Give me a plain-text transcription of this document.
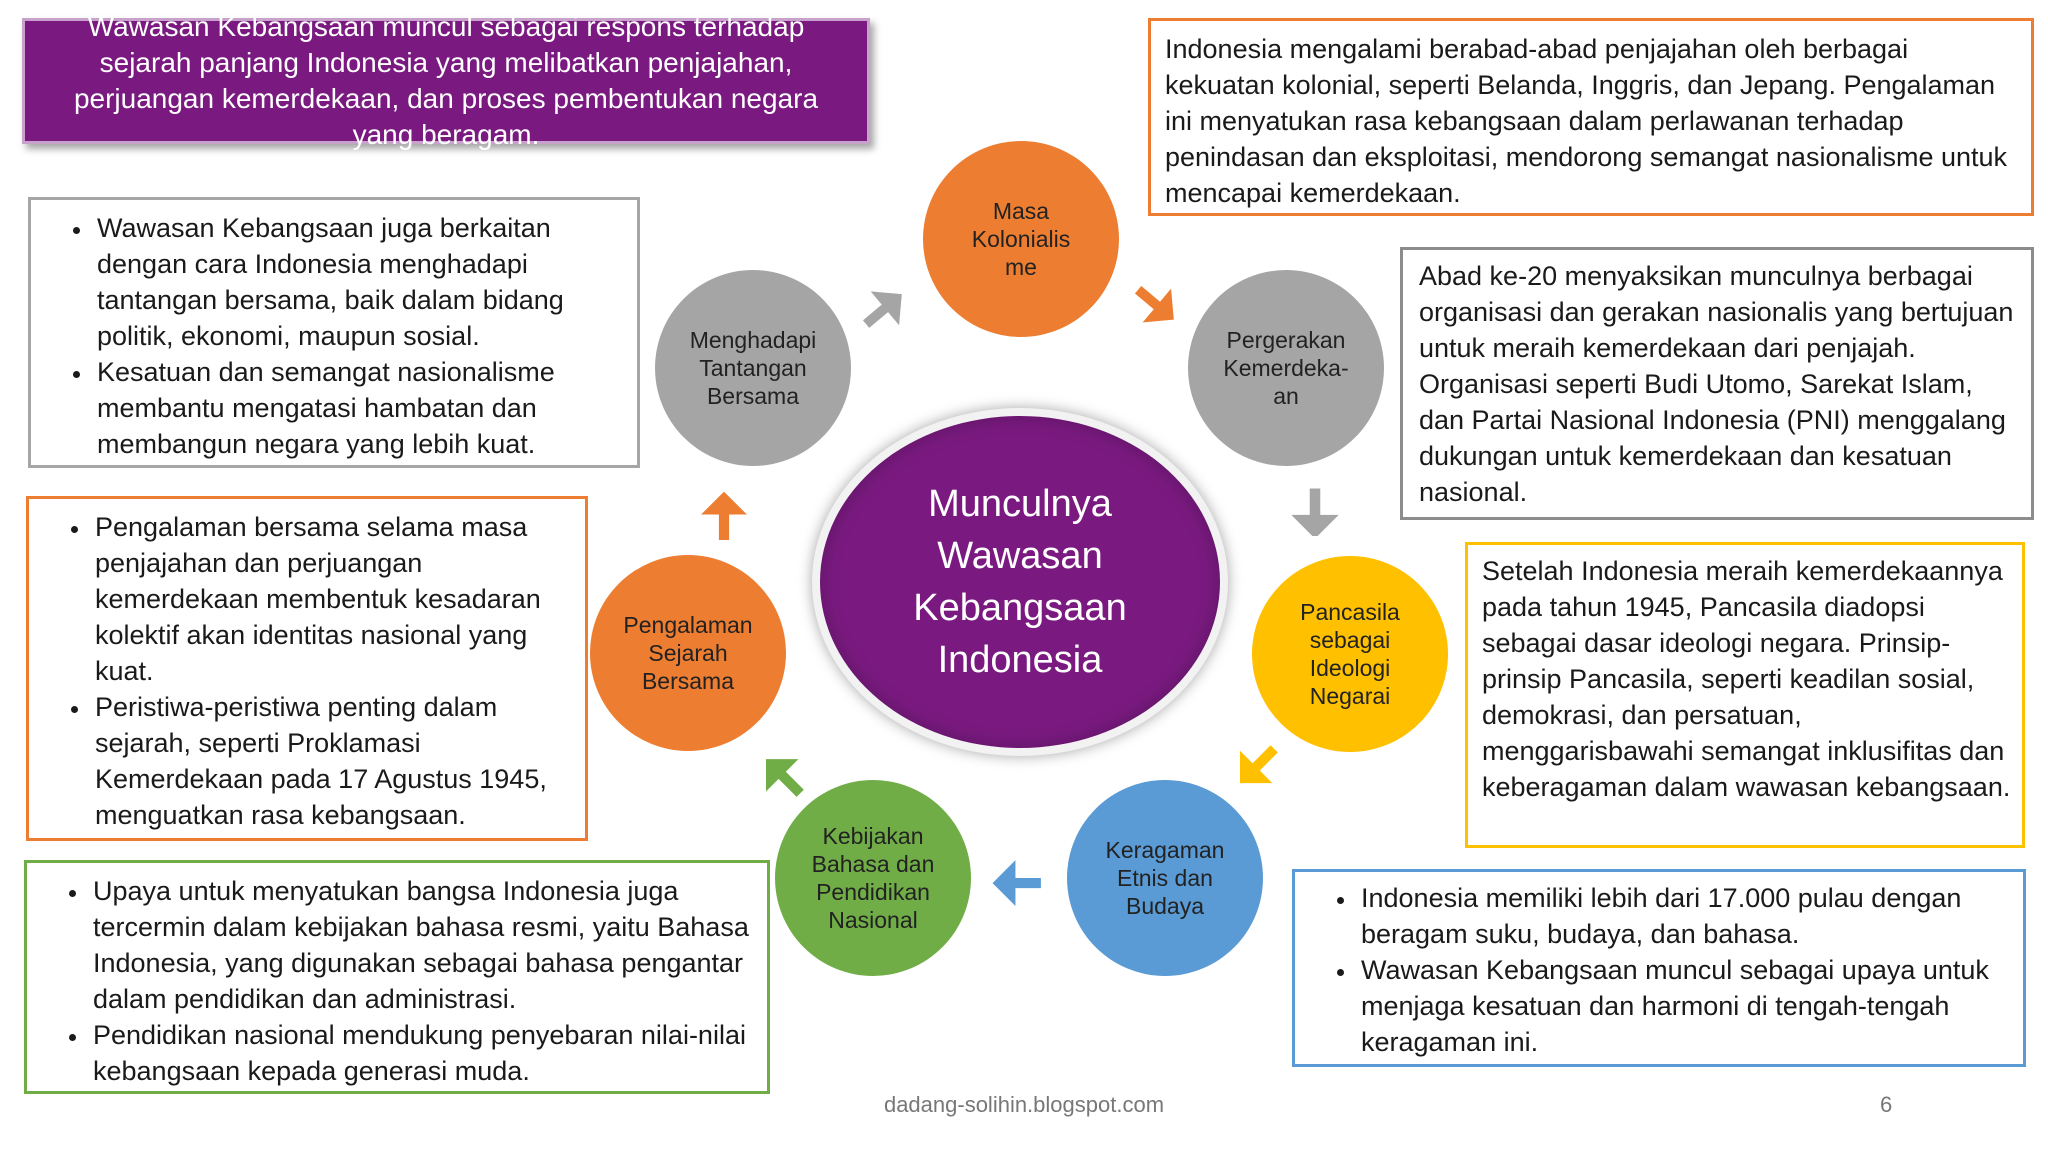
Wawasan Kebangsaan muncul sebagai respons terhadap sejarah panjang Indonesia yang melibatkan penjajahan, perjuangan kemerdekaan, dan proses pembentukan negara yang beragam.

• Wawasan Kebangsaan juga berkaitan dengan cara Indonesia menghadapi tantangan bersama, baik dalam bidang politik, ekonomi, maupun sosial.
• Kesatuan dan semangat nasionalisme membantu mengatasi hambatan dan membangun negara yang lebih kuat.
• Pengalaman bersama selama masa penjajahan dan perjuangan kemerdekaan membentuk kesadaran kolektif akan identitas nasional yang kuat.
• Peristiwa-peristiwa penting dalam sejarah, seperti Proklamasi Kemerdekaan pada 17 Agustus 1945, menguatkan rasa kebangsaan.
• Upaya untuk menyatukan bangsa Indonesia juga tercermin dalam kebijakan bahasa resmi, yaitu Bahasa Indonesia, yang digunakan sebagai bahasa pengantar dalam pendidikan dan administrasi.
• Pendidikan nasional mendukung penyebaran nilai-nilai kebangsaan kepada generasi muda.

Indonesia mengalami berabad-abad penjajahan oleh berbagai kekuatan kolonial, seperti Belanda, Inggris, dan Jepang. Pengalaman ini menyatukan rasa kebangsaan dalam perlawanan terhadap penindasan dan eksploitasi, mendorong semangat nasionalisme untuk mencapai kemerdekaan.

Abad ke-20 menyaksikan munculnya berbagai organisasi dan gerakan nasionalis yang bertujuan untuk meraih kemerdekaan dari penjajah. Organisasi seperti Budi Utomo, Sarekat Islam, dan Partai Nasional Indonesia (PNI) menggalang dukungan untuk kemerdekaan dan kesatuan nasional.

Setelah Indonesia meraih kemerdekaannya pada tahun 1945, Pancasila diadopsi sebagai dasar ideologi negara. Prinsip-prinsip Pancasila, seperti keadilan sosial, demokrasi, dan persatuan, menggarisbawahi semangat inklusifitas dan keberagaman dalam wawasan kebangsaan.

• Indonesia memiliki lebih dari 17.000 pulau dengan beragam suku, budaya, dan bahasa.
• Wawasan Kebangsaan muncul sebagai upaya untuk menjaga kesatuan dan harmoni di tengah-tengah keragaman ini.
Munculnya
Wawasan
Kebangsaan
Indonesia
Masa
Kolonialis
me
Pergerakan
Kemerdeka-
an
Pancasila
sebagai
Ideologi
Negarai
Keragaman
Etnis dan
Budaya
Kebijakan
Bahasa dan
Pendidikan
Nasional
Pengalaman
Sejarah
Bersama
Menghadapi
Tantangan
Bersama
dadang-solihin.blogspot.com	6
